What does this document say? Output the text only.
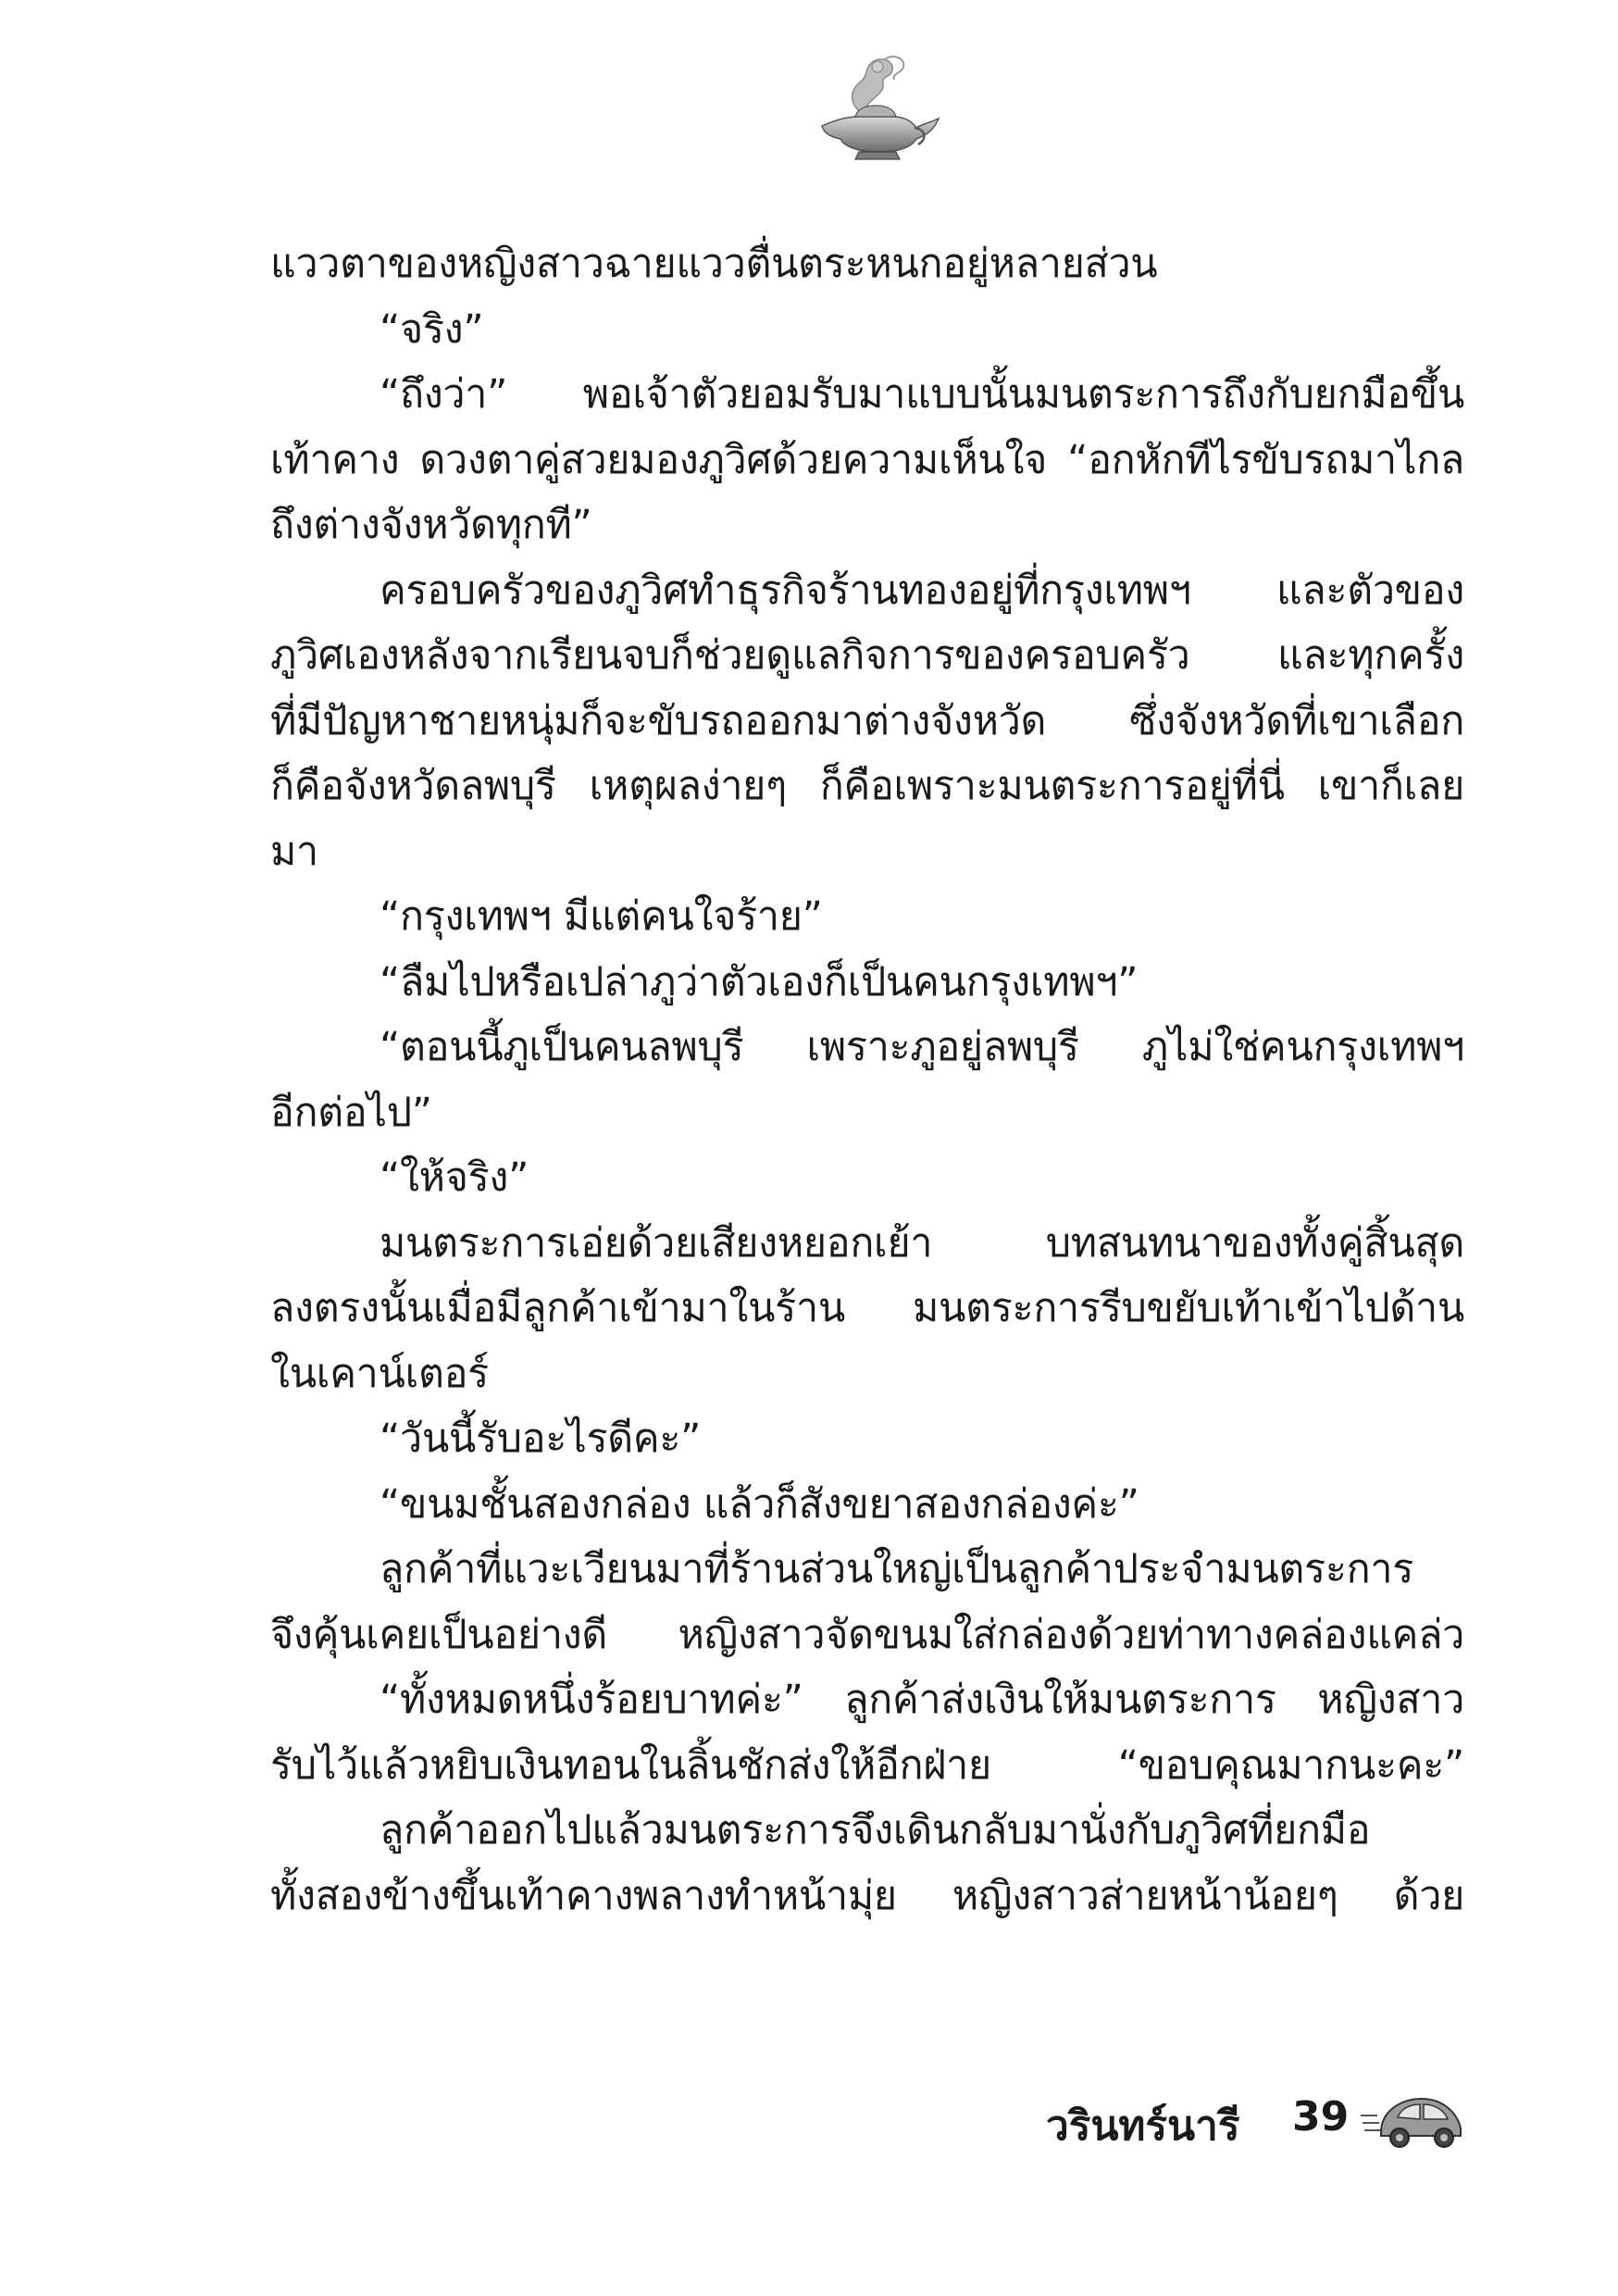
แววตาของหญิงสาวฉายแววตื่นตระหนกอยู่หลายส่วน
“จริง”
“ถึงว่า” พอเจ้าตัวยอมรับมาแบบนั้นมนตระการถึงกับยกมือขึ้น
เท้าคาง ดวงตาคู่สวยมองภูวิศด้วยความเห็นใจ “อกหักทีไรขับรถมาไกล
ถึงต่างจังหวัดทุกที”
ครอบครัวของภูวิศทำธุรกิจร้านทองอยู่ที่กรุงเทพฯ และตัวของ
ภูวิศเองหลังจากเรียนจบก็ช่วยดูแลกิจการของครอบครัว และทุกครั้ง
ที่มีปัญหาชายหนุ่มก็จะขับรถออกมาต่างจังหวัด ซึ่งจังหวัดที่เขาเลือก
ก็คือจังหวัดลพบุรี เหตุผลง่ายๆ ก็คือเพราะมนตระการอยู่ที่นี่ เขาก็เลย
มา
“กรุงเทพฯ มีแต่คนใจร้าย”
“ลืมไปหรือเปล่าภูว่าตัวเองก็เป็นคนกรุงเทพฯ”
“ตอนนี้ภูเป็นคนลพบุรี เพราะภูอยู่ลพบุรี ภูไม่ใช่คนกรุงเทพฯ
อีกต่อไป”
“ให้จริง”
มนตระการเอ่ยด้วยเสียงหยอกเย้า บทสนทนาของทั้งคู่สิ้นสุด
ลงตรงนั้นเมื่อมีลูกค้าเข้ามาในร้าน มนตระการรีบขยับเท้าเข้าไปด้าน
ในเคาน์เตอร์
“วันนี้รับอะไรดีคะ”
“ขนมชั้นสองกล่อง แล้วก็สังขยาสองกล่องค่ะ”
ลูกค้าที่แวะเวียนมาที่ร้านส่วนใหญ่เป็นลูกค้าประจำมนตระการ
จึงคุ้นเคยเป็นอย่างดี หญิงสาวจัดขนมใส่กล่องด้วยท่าทางคล่องแคล่ว
“ทั้งหมดหนึ่งร้อยบาทค่ะ” ลูกค้าส่งเงินให้มนตระการ หญิงสาว
รับไว้แล้วหยิบเงินทอนในลิ้นชักส่งให้อีกฝ่าย “ขอบคุณมากนะคะ”
ลูกค้าออกไปแล้วมนตระการจึงเดินกลับมานั่งกับภูวิศที่ยกมือ
ทั้งสองข้างขึ้นเท้าคางพลางทำหน้ามุ่ย หญิงสาวส่ายหน้าน้อยๆ ด้วย
วรินทร์นารี 39
